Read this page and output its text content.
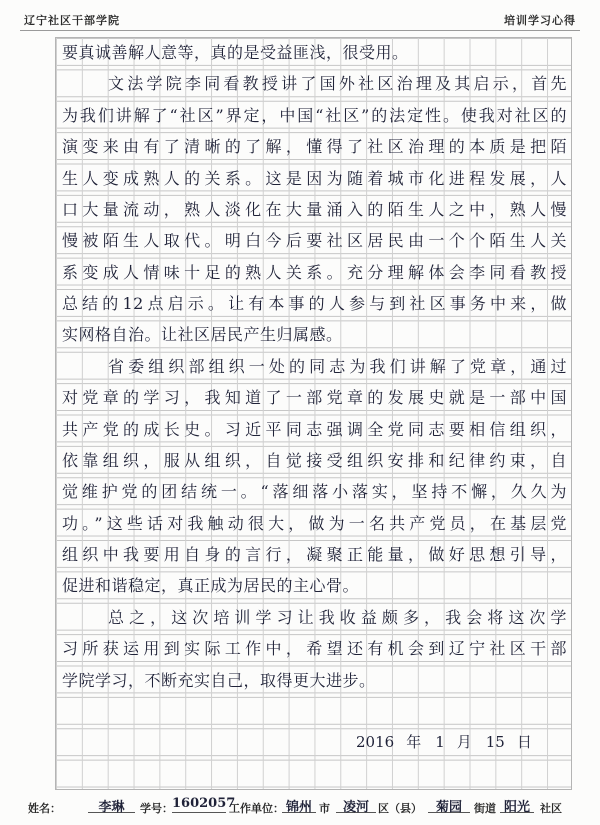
辽宁社区干部学院	培训学习心得
要真诚善解人意等，真的是受益匪浅，很受用。
文法学院李同看教授讲了国外社区治理及其启示，首先
为我们讲解了“社区”界定，中国“社区”的法定性。使我对社区的
演变来由有了清晰的了解，懂得了社区治理的本质是把陌
生人变成熟人的关系。这是因为随着城市化进程发展，人
口大量流动，熟人淡化在大量涌入的陌生人之中，熟人慢
慢被陌生人取代。明白今后要社区居民由一个个陌生人关
系变成人情味十足的熟人关系。充分理解体会李同看教授
总结的12点启示。让有本事的人参与到社区事务中来，做
实网格自治。让社区居民产生归属感。
省委组织部组织一处的同志为我们讲解了党章，通过
对党章的学习，我知道了一部党章的发展史就是一部中国
共产党的成长史。习近平同志强调全党同志要相信组织，
依靠组织，服从组织，自觉接受组织安排和纪律约束，自
觉维护党的团结统一。“落细落小落实，坚持不懈，久久为
功。”这些话对我触动很大，做为一名共产党员，在基层党
组织中我要用自身的言行，凝聚正能量，做好思想引导，
促进和谐稳定，真正成为居民的主心骨。
总之，这次培训学习让我收益颇多，我会将这次学
习所获运用到实际工作中，希望还有机会到辽宁社区干部
学院学习，不断充实自己，取得更大进步。
2016 年 1 月 15 日
姓名：	李琳	学号： 1602057
工作单位： 锦州 市 凌河 区（县）	菊园	街道 阳光 社区
